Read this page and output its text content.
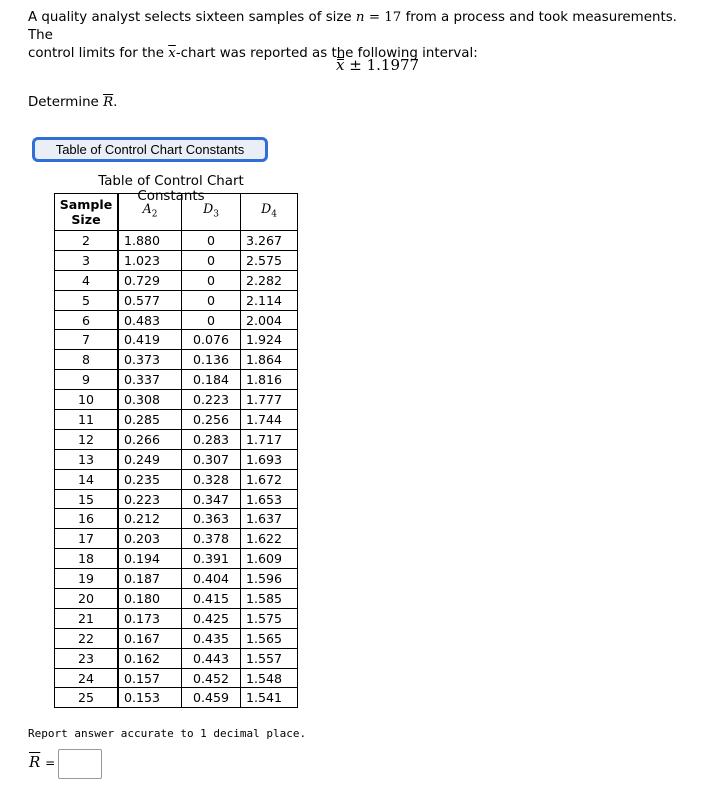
A quality analyst selects sixteen samples of size n = 17 from a process and took measurements. The
control limits for the $\overline{x}$-chart was reported as the following interval:
x ± 1.1977
Determine $\overline{R}$.
Table of Control Chart Constants
Table of Control Chart Constants
Sample
Size	$A_2$	$D_3$	$D_4$
2	1.880	0	3.267
3	1.023	0	2.575
4	0.729	0	2.282
5	0.577	0	2.114
6	0.483	0	2.004
7	0.419	0.076	1.924
8	0.373	0.136	1.864
9	0.337	0.184	1.816
10	0.308	0.223	1.777
11	0.285	0.256	1.744
12	0.266	0.283	1.717
13	0.249	0.307	1.693
14	0.235	0.328	1.672
15	0.223	0.347	1.653
16	0.212	0.363	1.637
17	0.203	0.378	1.622
18	0.194	0.391	1.609
19	0.187	0.404	1.596
20	0.180	0.415	1.585
21	0.173	0.425	1.575
22	0.167	0.435	1.565
23	0.162	0.443	1.557
24	0.157	0.452	1.548
25	0.153	0.459	1.541
Report answer accurate to 1 decimal place.
$\overline{R}$ =
